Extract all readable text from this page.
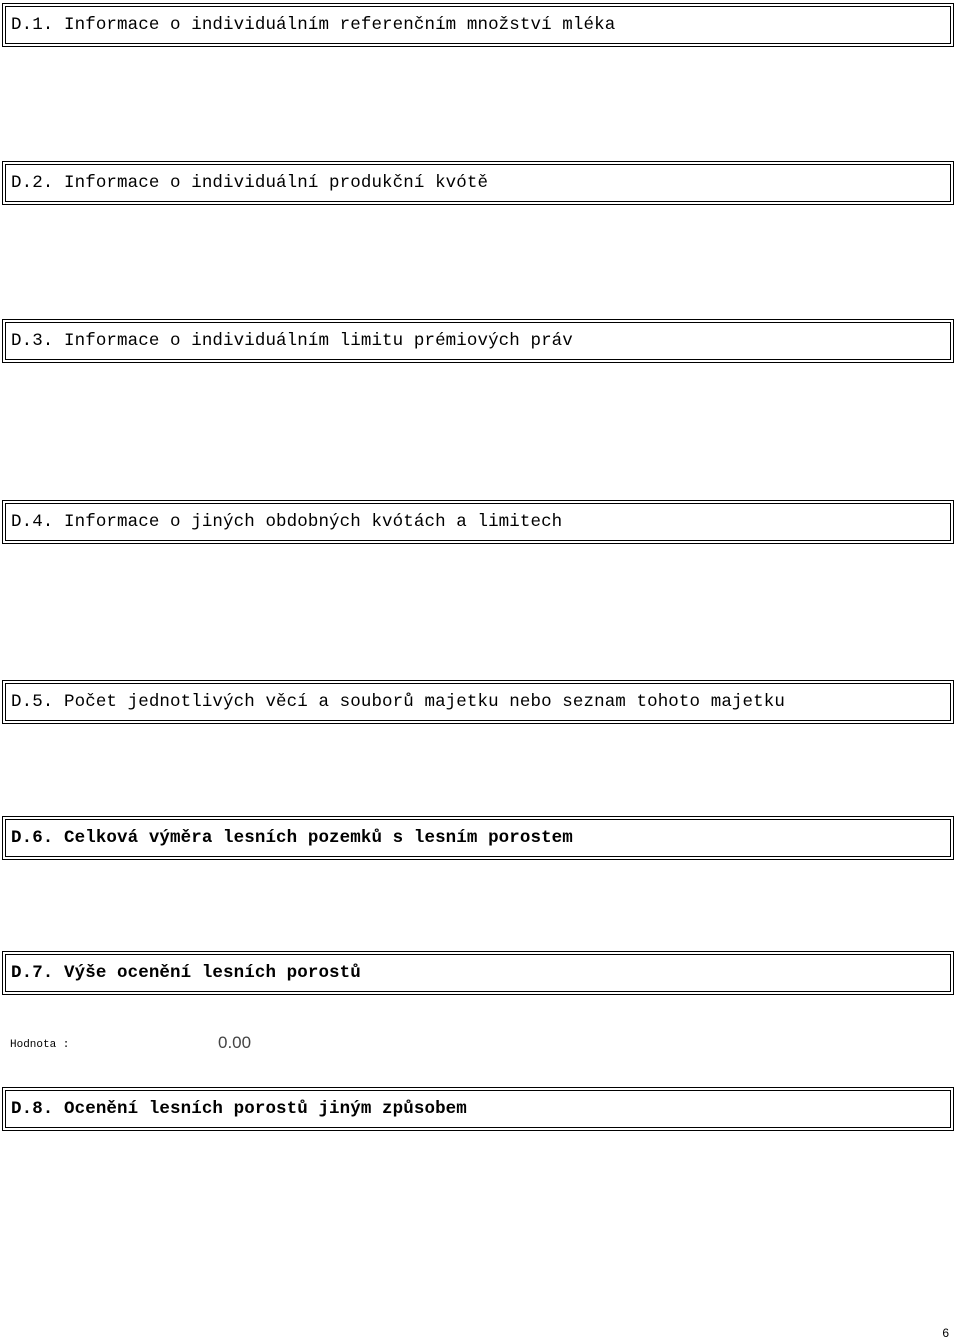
D.1. Informace o individuálním referenčním množství mléka
D.2. Informace o individuální produkční kvótě
D.3. Informace o individuálním limitu prémiových práv
D.4. Informace o jiných obdobných kvótách a limitech
D.5. Počet jednotlivých věcí a souborů majetku nebo seznam tohoto majetku
D.6. Celková výměra lesních pozemků s lesním porostem
D.7. Výše ocenění lesních porostů
Hodnota :	0.00
D.8. Ocenění lesních porostů jiným způsobem
6
